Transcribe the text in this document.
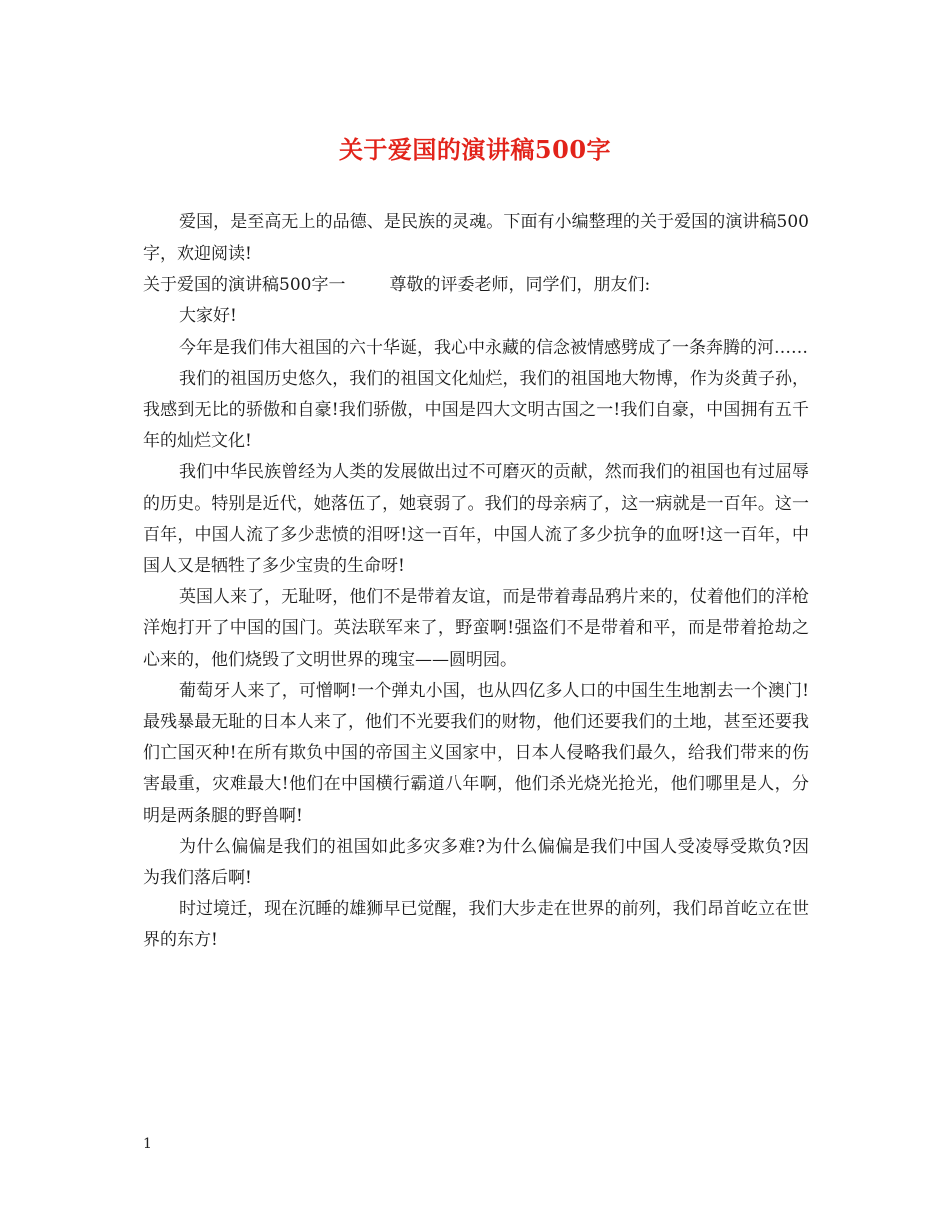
关于爱国的演讲稿500字

爱国，是至高无上的品德、是民族的灵魂。下面有小编整理的关于爱国的演讲稿500字，欢迎阅读!

关于爱国的演讲稿500字一	尊敬的评委老师，同学们，朋友们:

大家好!

今年是我们伟大祖国的六十华诞，我心中永藏的信念被情感劈成了一条奔腾的河……

我们的祖国历史悠久，我们的祖国文化灿烂，我们的祖国地大物博，作为炎黄子孙，我感到无比的骄傲和自豪!我们骄傲，中国是四大文明古国之一!我们自豪，中国拥有五千年的灿烂文化!

我们中华民族曾经为人类的发展做出过不可磨灭的贡献，然而我们的祖国也有过屈辱的历史。特别是近代，她落伍了，她衰弱了。我们的母亲病了，这一病就是一百年。这一百年，中国人流了多少悲愤的泪呀!这一百年，中国人流了多少抗争的血呀!这一百年，中国人又是牺牲了多少宝贵的生命呀!

英国人来了，无耻呀，他们不是带着友谊，而是带着毒品鸦片来的，仗着他们的洋枪洋炮打开了中国的国门。英法联军来了，野蛮啊!强盗们不是带着和平，而是带着抢劫之心来的，他们烧毁了文明世界的瑰宝——圆明园。

葡萄牙人来了，可憎啊!一个弹丸小国，也从四亿多人口的中国生生地割去一个澳门!最残暴最无耻的日本人来了，他们不光要我们的财物，他们还要我们的土地，甚至还要我们亡国灭种!在所有欺负中国的帝国主义国家中，日本人侵略我们最久，给我们带来的伤害最重，灾难最大!他们在中国横行霸道八年啊，他们杀光烧光抢光，他们哪里是人，分明是两条腿的野兽啊!

为什么偏偏是我们的祖国如此多灾多难?为什么偏偏是我们中国人受凌辱受欺负?因为我们落后啊!

时过境迁，现在沉睡的雄狮早已觉醒，我们大步走在世界的前列，我们昂首屹立在世界的东方!

1
